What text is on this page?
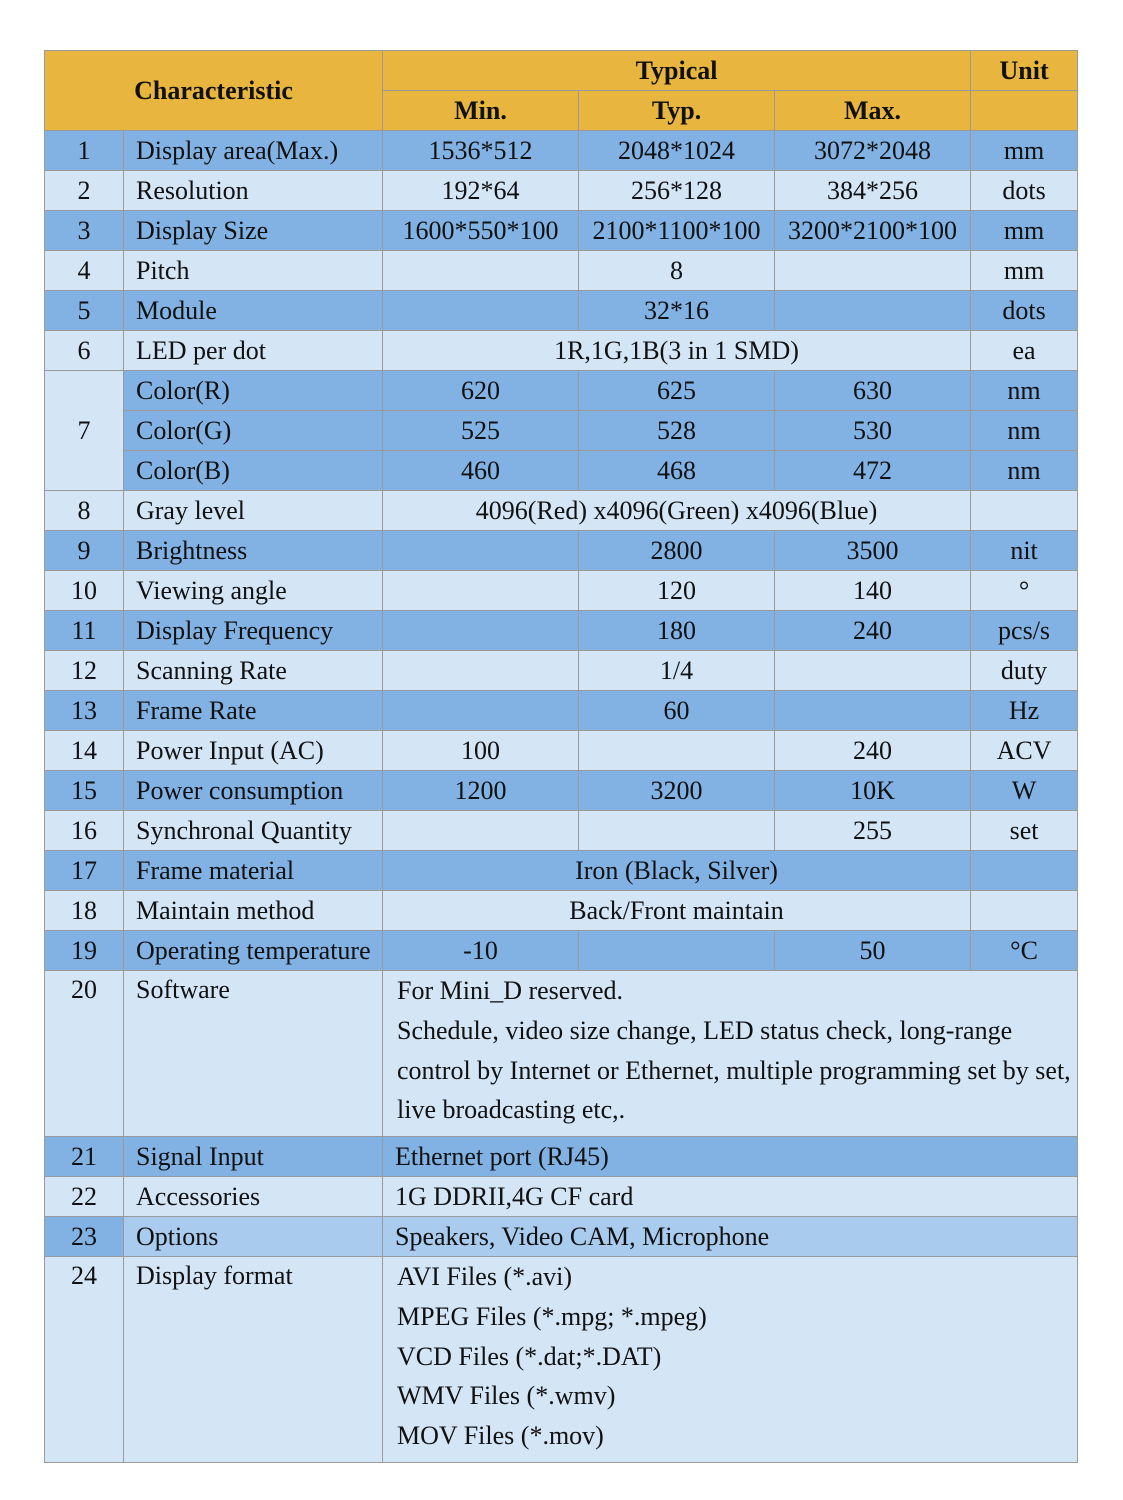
Characteristic		Typical			Unit
		Min.	Typ.	Max.	
1	Display area(Max.)	1536*512	2048*1024	3072*2048	mm
2	Resolution	192*64	256*128	384*256	dots
3	Display Size	1600*550*100	2100*1100*100	3200*2100*100	mm
4	Pitch		8		mm
5	Module		32*16		dots
6	LED per dot	1R,1G,1B(3 in 1 SMD)			ea
7	Color(R)	620	625	630	nm
	Color(G)	525	528	530	nm
	Color(B)	460	468	472	nm
8	Gray level	4096(Red) x4096(Green) x4096(Blue)			
9	Brightness		2800	3500	nit
10	Viewing angle		120	140	°
11	Display Frequency		180	240	pcs/s
12	Scanning Rate		1/4		duty
13	Frame Rate		60		Hz
14	Power Input (AC)	100		240	ACV
15	Power consumption	1200	3200	10K	W
16	Synchronal Quantity			255	set
17	Frame material	Iron (Black, Silver)			
18	Maintain method	Back/Front maintain			
19	Operating temperature	-10		50	°C
20	Software	For Mini_D reserved.
Schedule, video size change, LED status check, long-range
control by Internet or Ethernet, multiple programming set by set,
live broadcasting etc,.			

21	Signal Input	Ethernet port (RJ45)			
22	Accessories	1G DDRII,4G CF card			
23	Options	Speakers, Video CAM, Microphone			
24	Display format	AVI Files (*.avi)
MPEG Files (*.mpg; *.mpeg)
VCD Files (*.dat;*.DAT)
WMV Files (*.wmv)
MOV Files (*.mov)			
